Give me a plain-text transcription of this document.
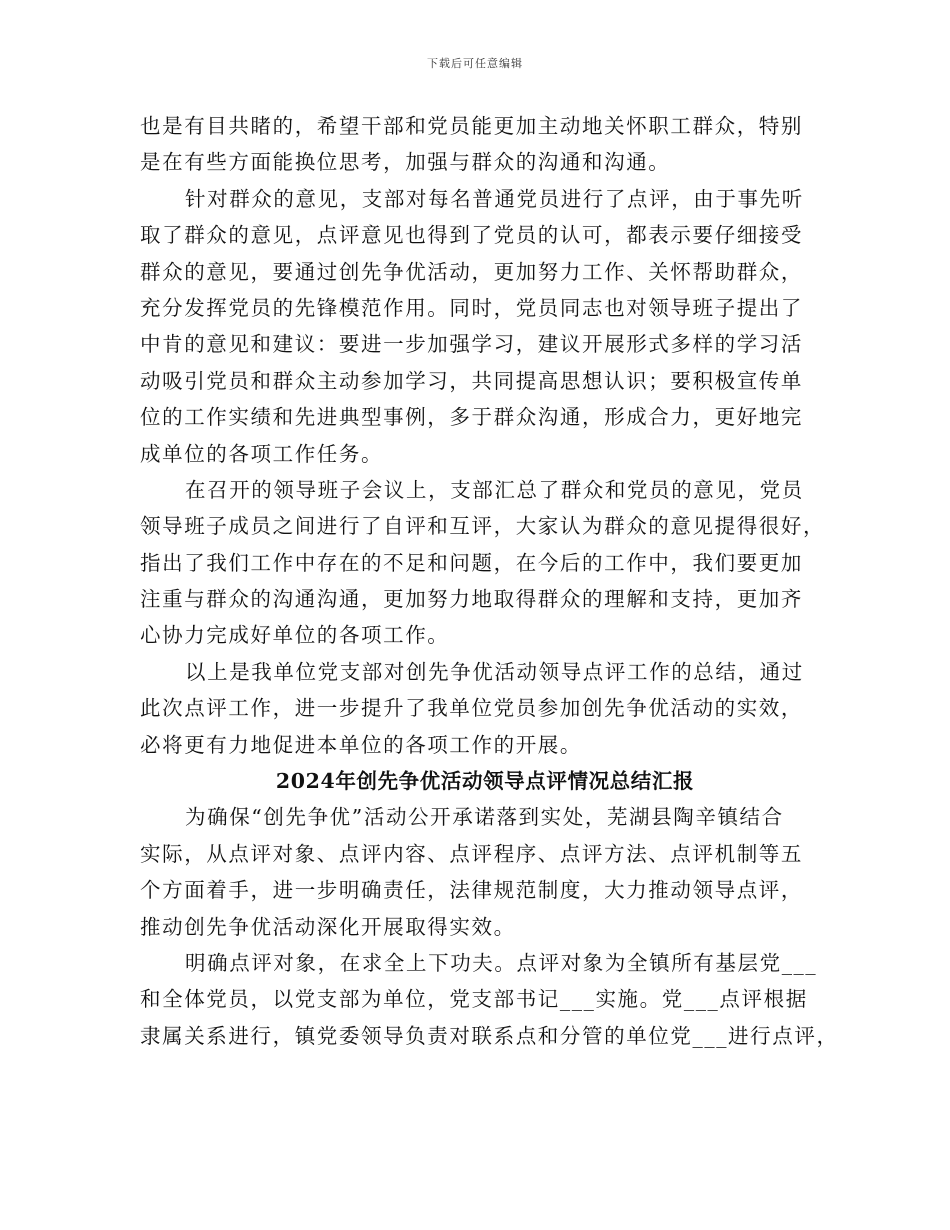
下载后可任意编辑
也是有目共睹的，希望干部和党员能更加主动地关怀职工群众，特别
是在有些方面能换位思考，加强与群众的沟通和沟通。
针对群众的意见，支部对每名普通党员进行了点评，由于事先听
取了群众的意见，点评意见也得到了党员的认可，都表示要仔细接受
群众的意见，要通过创先争优活动，更加努力工作、关怀帮助群众，
充分发挥党员的先锋模范作用。同时，党员同志也对领导班子提出了
中肯的意见和建议：要进一步加强学习，建议开展形式多样的学习活
动吸引党员和群众主动参加学习，共同提高思想认识；要积极宣传单
位的工作实绩和先进典型事例，多于群众沟通，形成合力，更好地完
成单位的各项工作任务。
在召开的领导班子会议上，支部汇总了群众和党员的意见，党员
领导班子成员之间进行了自评和互评，大家认为群众的意见提得很好，
指出了我们工作中存在的不足和问题，在今后的工作中，我们要更加
注重与群众的沟通沟通，更加努力地取得群众的理解和支持，更加齐
心协力完成好单位的各项工作。
以上是我单位党支部对创先争优活动领导点评工作的总结，通过
此次点评工作，进一步提升了我单位党员参加创先争优活动的实效，
必将更有力地促进本单位的各项工作的开展。
2024年创先争优活动领导点评情况总结汇报
为确保“创先争优”活动公开承诺落到实处，芜湖县陶辛镇结合
实际，从点评对象、点评内容、点评程序、点评方法、点评机制等五
个方面着手，进一步明确责任，法律规范制度，大力推动领导点评，
推动创先争优活动深化开展取得实效。
明确点评对象，在求全上下功夫。点评对象为全镇所有基层党___
和全体党员，以党支部为单位，党支部书记___实施。党___点评根据
隶属关系进行，镇党委领导负责对联系点和分管的单位党___进行点评，
